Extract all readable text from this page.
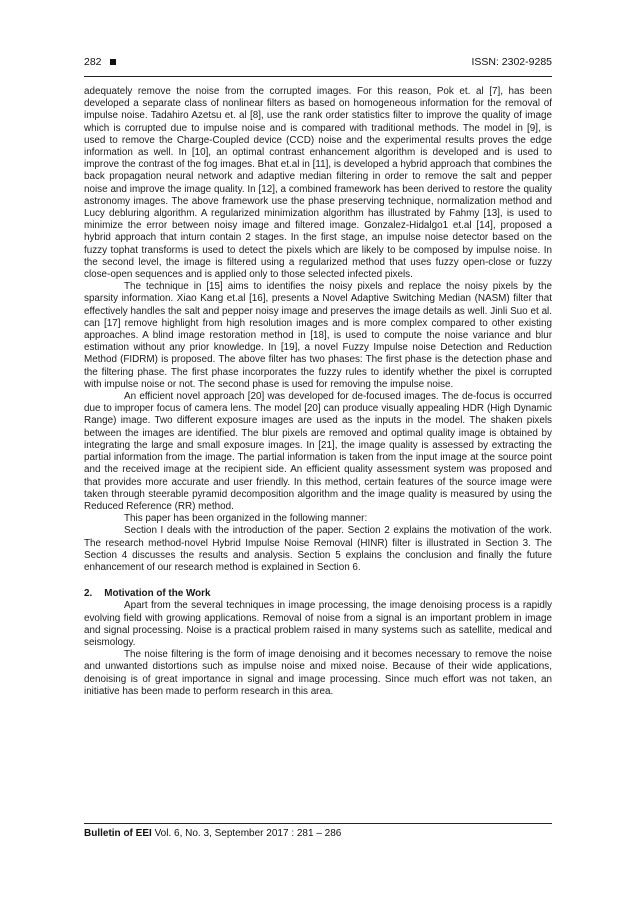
282	ISSN: 2302-9285

adequately remove the noise from the corrupted images. For this reason, Pok et. al [7], has been developed a separate class of nonlinear filters as based on homogeneous information for the removal of impulse noise. Tadahiro Azetsu et. al [8], use the rank order statistics filter to improve the quality of image which is corrupted due to impulse noise and is compared with traditional methods. The model in [9], is used to remove the Charge-Coupled device (CCD) noise and the experimental results proves the edge information as well. In [10], an optimal contrast enhancement algorithm is developed and is used to improve the contrast of the fog images. Bhat et.al in [11], is developed a hybrid approach that combines the back propagation neural network and adaptive median filtering in order to remove the salt and pepper noise and improve the image quality. In [12], a combined framework has been derived to restore the quality astronomy images. The above framework use the phase preserving technique, normalization method and Lucy debluring algorithm. A regularized minimization algorithm has illustrated by Fahmy [13], is used to minimize the error between noisy image and filtered image. Gonzalez-Hidalgo1 et.al [14], proposed a hybrid approach that inturn contain 2 stages. In the first stage, an impulse noise detector based on the fuzzy tophat transforms is used to detect the pixels which are likely to be composed by impulse noise. In the second level, the image is filtered using a regularized method that uses fuzzy open-close or fuzzy close-open sequences and is applied only to those selected infected pixels.

The technique in [15] aims to identifies the noisy pixels and replace the noisy pixels by the sparsity information. Xiao Kang et.al [16], presents a Novel Adaptive Switching Median (NASM) filter that effectively handles the salt and pepper noisy image and preserves the image details as well. Jinli Suo et al. can [17] remove highlight from high resolution images and is more complex compared to other existing approaches. A blind image restoration method in [18], is used to compute the noise variance and blur estimation without any prior knowledge. In [19], a novel Fuzzy Impulse noise Detection and Reduction Method (FIDRM) is proposed. The above filter has two phases: The first phase is the detection phase and the filtering phase. The first phase incorporates the fuzzy rules to identify whether the pixel is corrupted with impulse noise or not. The second phase is used for removing the impulse noise.

An efficient novel approach [20] was developed for de-focused images. The de-focus is occurred due to improper focus of camera lens. The model [20] can produce visually appealing HDR (High Dynamic Range) image. Two different exposure images are used as the inputs in the model. The shaken pixels between the images are identified. The blur pixels are removed and optimal quality image is obtained by integrating the large and small exposure images. In [21], the image quality is assessed by extracting the partial information from the image. The partial information is taken from the input image at the source point and the received image at the recipient side. An efficient quality assessment system was proposed and that provides more accurate and user friendly. In this method, certain features of the source image were taken through steerable pyramid decomposition algorithm and the image quality is measured by using the Reduced Reference (RR) method.

This paper has been organized in the following manner:

Section I deals with the introduction of the paper. Section 2 explains the motivation of the work. The research method-novel Hybrid Impulse Noise Removal (HINR) filter is illustrated in Section 3. The Section 4 discusses the results and analysis. Section 5 explains the conclusion and finally the future enhancement of our research method is explained in Section 6.

2. Motivation of the Work

Apart from the several techniques in image processing, the image denoising process is a rapidly evolving field with growing applications. Removal of noise from a signal is an important problem in image and signal processing. Noise is a practical problem raised in many systems such as satellite, medical and seismology.

The noise filtering is the form of image denoising and it becomes necessary to remove the noise and unwanted distortions such as impulse noise and mixed noise. Because of their wide applications, denoising is of great importance in signal and image processing. Since much effort was not taken, an initiative has been made to perform research in this area.

Bulletin of EEI Vol. 6, No. 3, September 2017 : 281 – 286
